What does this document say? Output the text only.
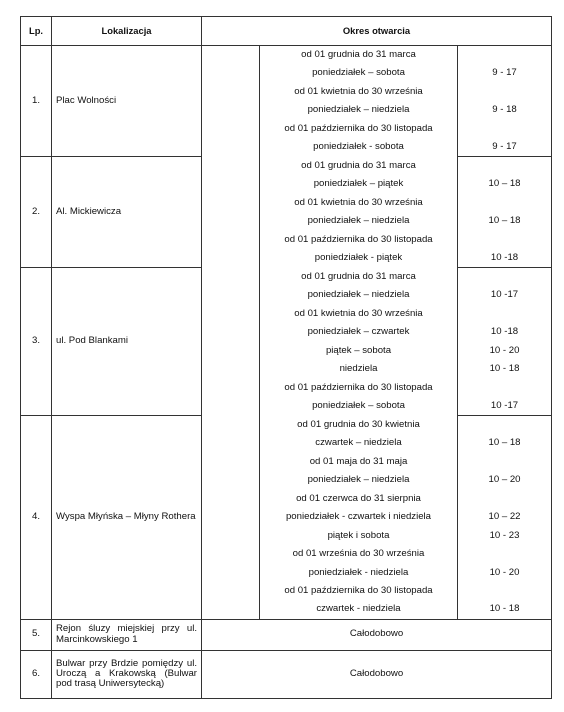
Lp.	Lokalizacja	Okres otwarcia		
1.	Plac Wolności		od 01 grudnia do 31 marca	
			poniedziałek – sobota	9 - 17
			od 01 kwietnia do 30 września	
			poniedziałek – niedziela	9 - 18
			od 01 października do 30 listopada	
			poniedziałek - sobota	9 - 17
2.	Al. Mickiewicza		od 01 grudnia do 31 marca	
			poniedziałek – piątek	10 – 18
			od 01 kwietnia do 30 września	
			poniedziałek – niedziela	10 – 18
			od 01 października do 30 listopada	
			poniedziałek - piątek	10 -18
3.	ul. Pod Blankami		od 01 grudnia do 31 marca	
			poniedziałek – niedziela	10 -17
			od 01 kwietnia do 30 września	
			poniedziałek – czwartek	10 -18
			piątek – sobota	10 - 20
			niedziela	10 - 18
			od 01 października do 30 listopada	
			poniedziałek – sobota	10 -17
4.	Wyspa Młyńska – Młyny Rothera		od 01 grudnia do 30 kwietnia	
			czwartek – niedziela	10 – 18
			od 01 maja do 31 maja	
			poniedziałek – niedziela	10 – 20
			od 01 czerwca do 31 sierpnia	
			poniedziałek - czwartek i niedziela	10 – 22
			piątek i sobota	10 - 23
			od 01 września do 30 września	
			poniedziałek - niedziela	10 - 20
			od 01 października do 30 listopada	
			czwartek - niedziela	10 - 18
5.	Rejon śluzy miejskiej przy ul. Marcinkowskiego 1	Całodobowo		
6.	Bulwar przy Brdzie pomiędzy ul. Uroczą a Krakowską (Bulwar pod trasą Uniwersytecką)	Całodobowo		
